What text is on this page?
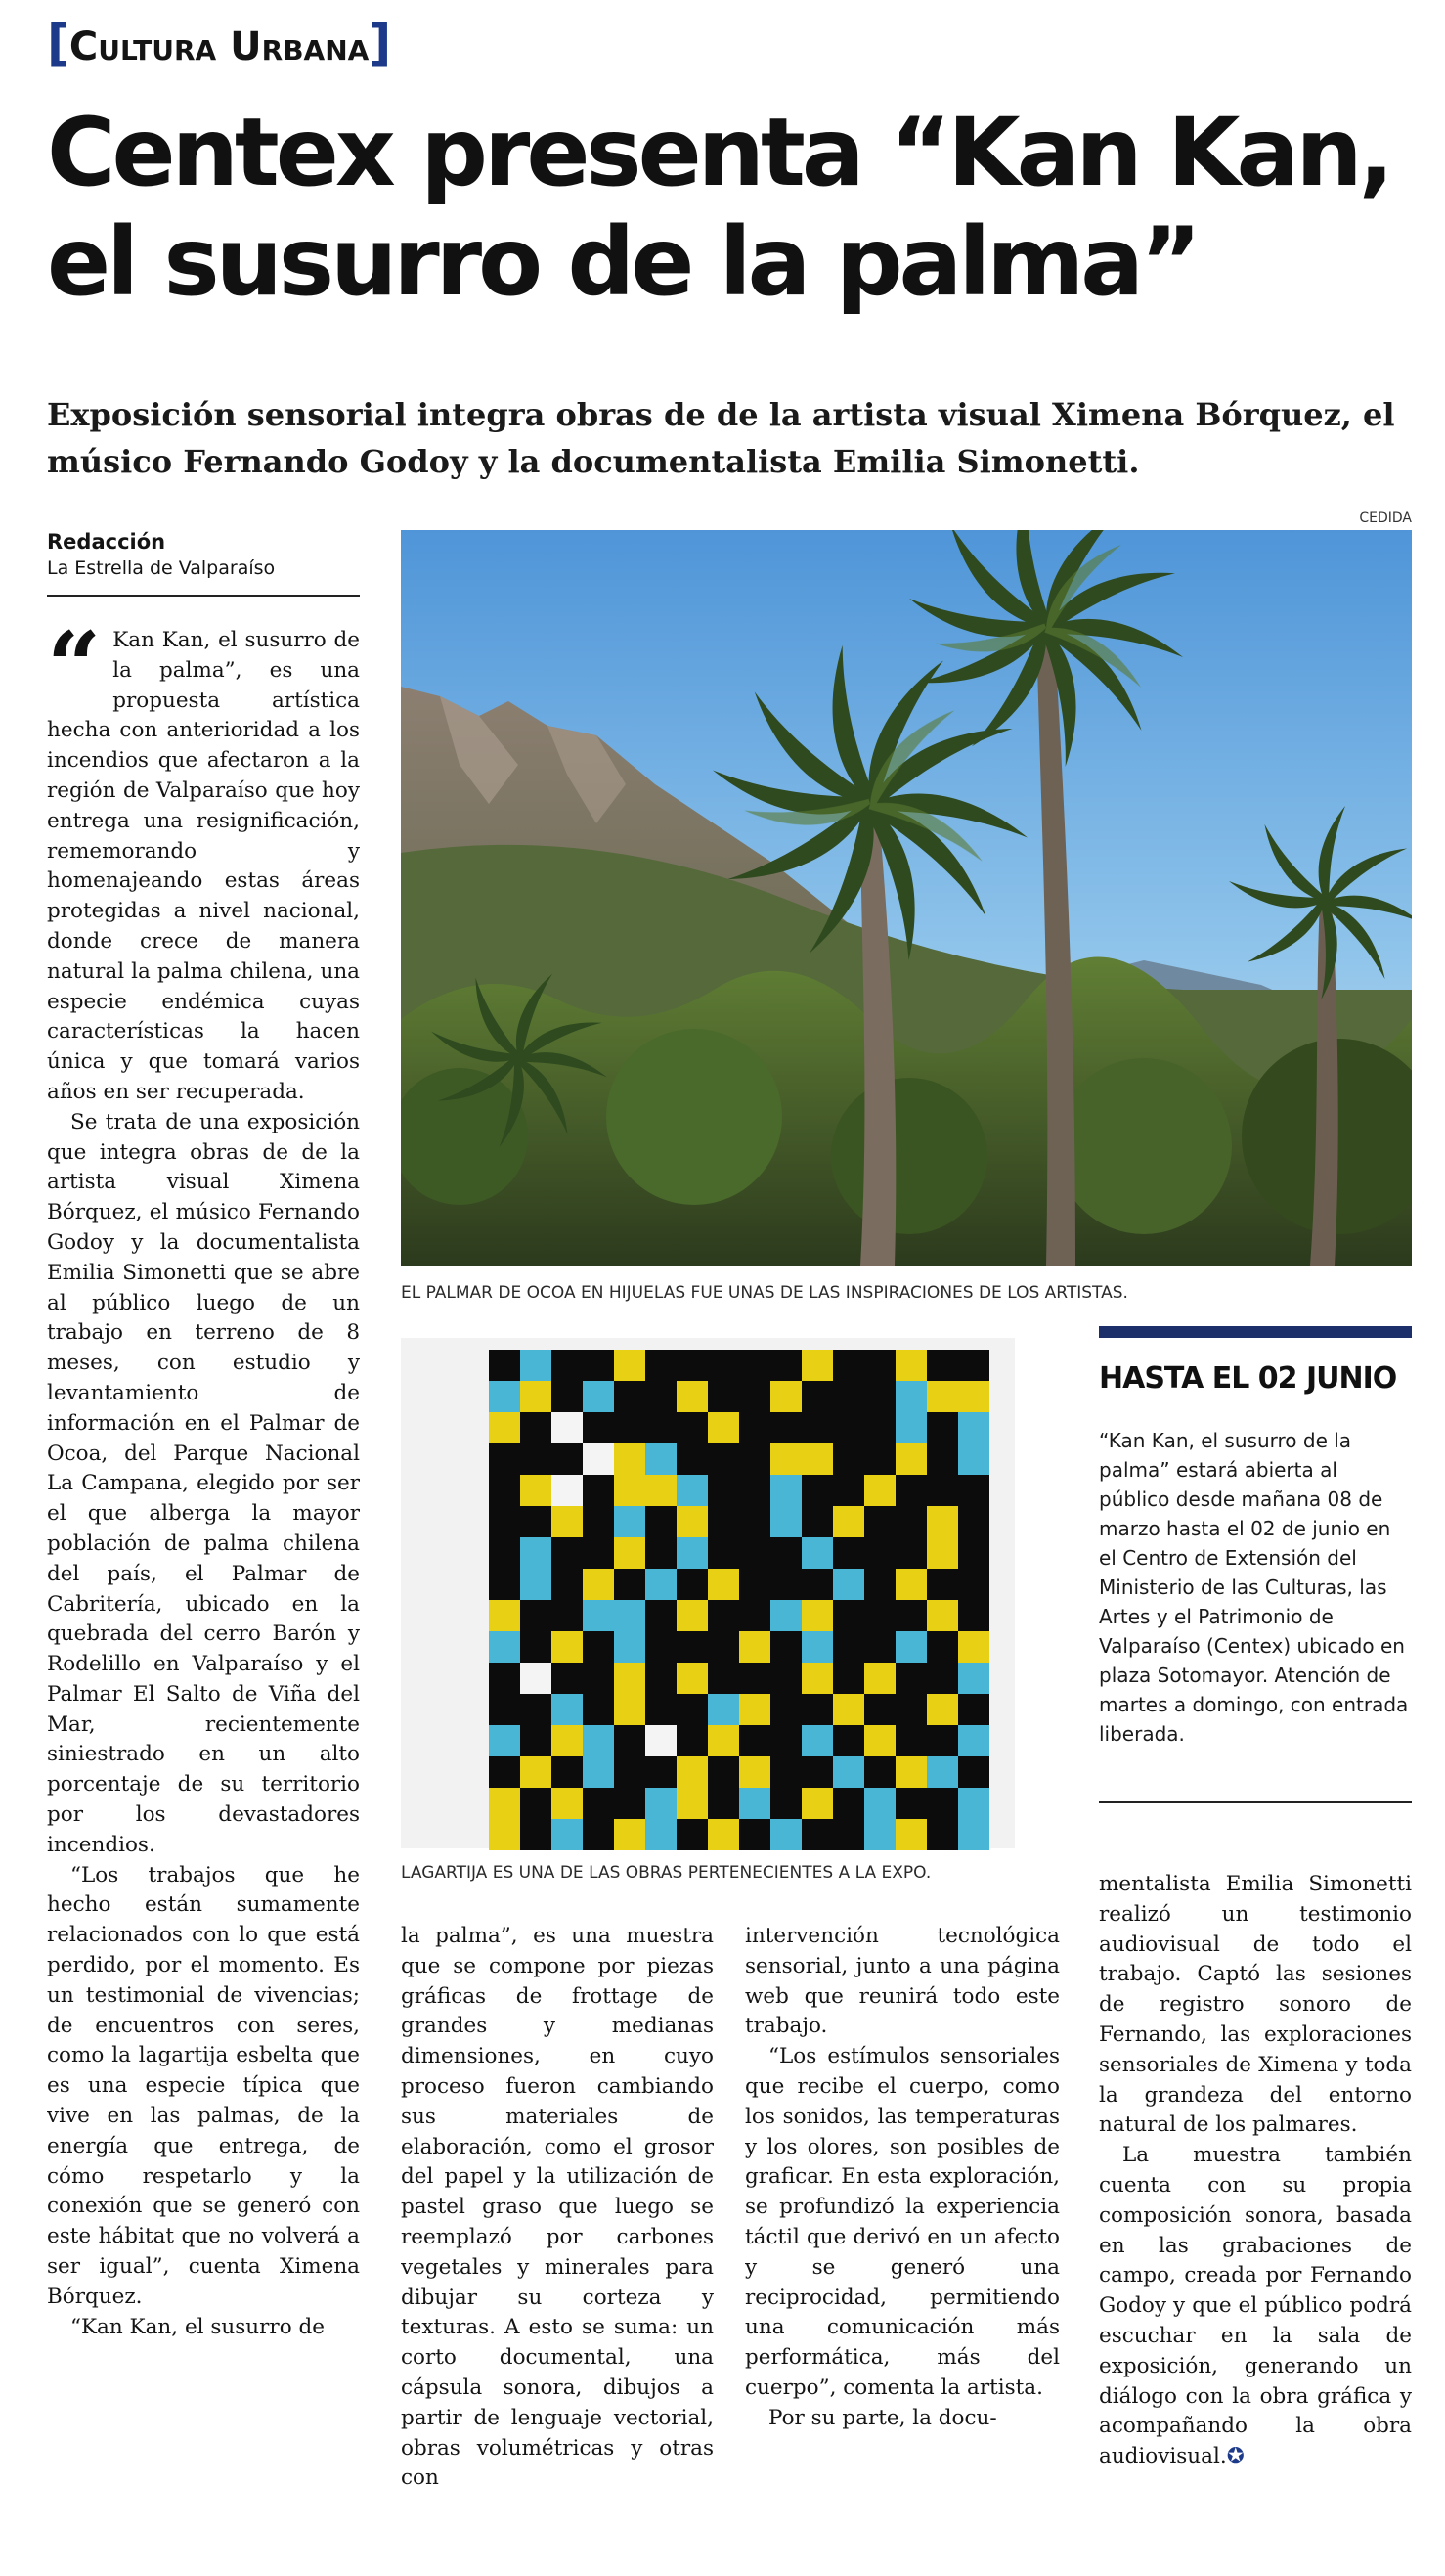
[Cultura Urbana]
Centex presenta “Kan Kan, el susurro de la palma”
Exposición sensorial integra obras de de la artista visual Ximena Bórquez, el músico Fernando Godoy y la documentalista Emilia Simonetti.
Redacción
La Estrella de Valparaíso
“ Kan Kan, el susurro de la palma”, es una propuesta artística hecha con anterioridad a los incendios que afectaron a la región de Valparaíso que hoy entrega una resignificación, rememorando y homenajeando estas áreas protegidas a nivel nacional, donde crece de manera natural la palma chilena, una especie endémica cuyas características la hacen única y que tomará varios años en ser recuperada.

Se trata de una exposición que integra obras de de la artista visual Ximena Bórquez, el músico Fernando Godoy y la documentalista Emilia Simonetti que se abre al público luego de un trabajo en terreno de 8 meses, con estudio y levantamiento de información en el Palmar de Ocoa, del Parque Nacional La Campana, elegido por ser el que alberga la mayor población de palma chilena del país, el Palmar de Cabritería, ubicado en la quebrada del cerro Barón y Rodelillo en Valparaíso y el Palmar El Salto de Viña del Mar, recientemente siniestrado en un alto porcentaje de su territorio por los devastadores incendios.

“Los trabajos que he hecho están sumamente relacionados con lo que está perdido, por el momento. Es un testimonial de vivencias; de encuentros con seres, como la lagartija esbelta que es una especie típica que vive en las palmas, de la energía que entrega, de cómo respetarlo y la conexión que se generó con este hábitat que no volverá a ser igual”, cuenta Ximena Bórquez.

“Kan Kan, el susurro de

CEDIDA
EL PALMAR DE OCOA EN HIJUELAS FUE UNAS DE LAS INSPIRACIONES DE LOS ARTISTAS.
LAGARTIJA ES UNA DE LAS OBRAS PERTENECIENTES A LA EXPO.
HASTA EL 02 JUNIO
“Kan Kan, el susurro de la palma” estará abierta al público desde mañana 08 de marzo hasta el 02 de junio en el Centro de Extensión del Ministerio de las Culturas, las Artes y el Patrimonio de Valparaíso (Centex) ubicado en plaza Sotomayor. Atención de martes a domingo, con entrada liberada.

la palma”, es una muestra que se compone por piezas gráficas de frottage de grandes y medianas dimensiones, en cuyo proceso fueron cambiando sus materiales de elaboración, como el grosor del papel y la utilización de pastel graso que luego se reemplazó por carbones vegetales y minerales para dibujar su corteza y texturas. A esto se suma: un corto documental, una cápsula sonora, dibujos a partir de lenguaje vectorial, obras volumétricas y otras con

intervención tecnológica sensorial, junto a una página web que reunirá todo este trabajo.

“Los estímulos sensoriales que recibe el cuerpo, como los sonidos, las temperaturas y los olores, son posibles de graficar. En esta exploración, se profundizó la experiencia táctil que derivó en un afecto y se generó una reciprocidad, permitiendo una comunicación más performática, más del cuerpo”, comenta la artista.

Por su parte, la docu-

mentalista Emilia Simonetti realizó un testimonio audiovisual de todo el trabajo. Captó las sesiones de registro sonoro de Fernando, las exploraciones sensoriales de Ximena y toda la grandeza del entorno natural de los palmares.

La muestra también cuenta con su propia composición sonora, basada en las grabaciones de campo, creada por Fernando Godoy y que el público podrá escuchar en la sala de exposición, generando un diálogo con la obra gráfica y acompañando la obra audiovisual.✪
